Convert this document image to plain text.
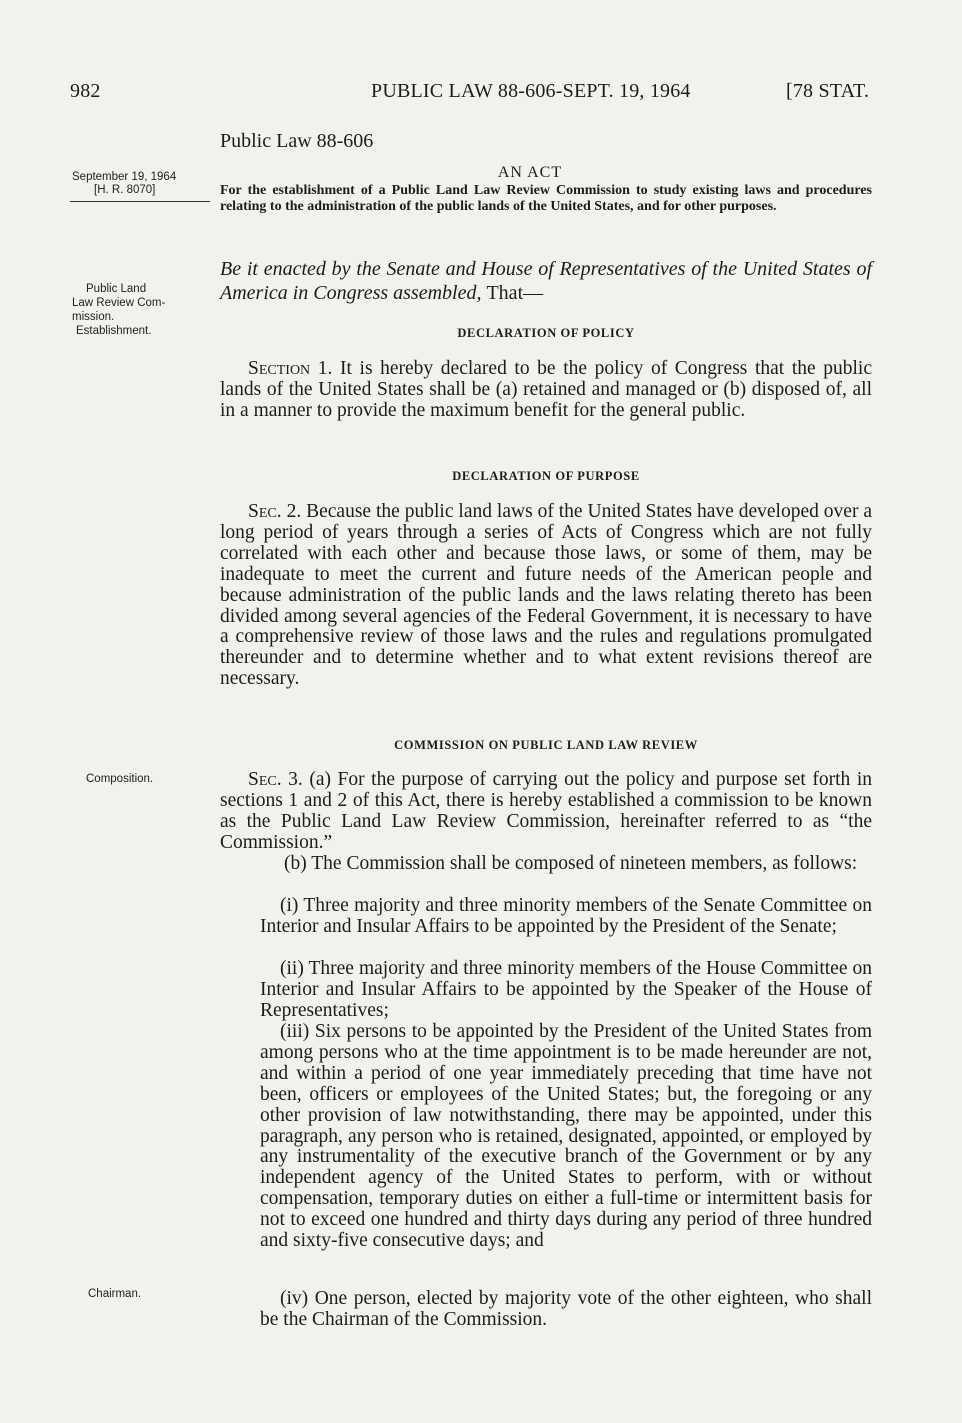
982	PUBLIC LAW 88-606-SEPT. 19, 1964	[78 STAT.

Public Law 88-606

AN ACT

September 19, 1964

[H. R. 8070]

Public Land

Law Review Com-

mission.

Establishment.

Composition.

Chairman.

For the establishment of a Public Land Law Review Commission to study existing laws and procedures relating to the administration of the public lands of the United States, and for other purposes.

Be it enacted by the Senate and House of Representatives of the United States of America in Congress assembled, That—

DECLARATION OF POLICY

Section 1. It is hereby declared to be the policy of Congress that the public lands of the United States shall be (a) retained and managed or (b) disposed of, all in a manner to provide the maximum benefit for the general public.

DECLARATION OF PURPOSE

Sec. 2. Because the public land laws of the United States have developed over a long period of years through a series of Acts of Congress which are not fully correlated with each other and because those laws, or some of them, may be inadequate to meet the current and future needs of the American people and because administration of the public lands and the laws relating thereto has been divided among several agencies of the Federal Government, it is necessary to have a comprehensive review of those laws and the rules and regulations promulgated thereunder and to determine whether and to what extent revisions thereof are necessary.

COMMISSION ON PUBLIC LAND LAW REVIEW

Sec. 3. (a) For the purpose of carrying out the policy and purpose set forth in sections 1 and 2 of this Act, there is hereby established a commission to be known as the Public Land Law Review Commission, hereinafter referred to as “the Commission.”

(b) The Commission shall be composed of nineteen members, as follows:

(i) Three majority and three minority members of the Senate Committee on Interior and Insular Affairs to be appointed by the President of the Senate;

(ii) Three majority and three minority members of the House Committee on Interior and Insular Affairs to be appointed by the Speaker of the House of Representatives;

(iii) Six persons to be appointed by the President of the United States from among persons who at the time appointment is to be made hereunder are not, and within a period of one year immediately preceding that time have not been, officers or employees of the United States; but, the foregoing or any other provision of law notwithstanding, there may be appointed, under this paragraph, any person who is retained, designated, appointed, or employed by any instrumentality of the executive branch of the Government or by any independent agency of the United States to perform, with or without compensation, temporary duties on either a full-time or intermittent basis for not to exceed one hundred and thirty days during any period of three hundred and sixty-five consecutive days; and

(iv) One person, elected by majority vote of the other eighteen, who shall be the Chairman of the Commission.
